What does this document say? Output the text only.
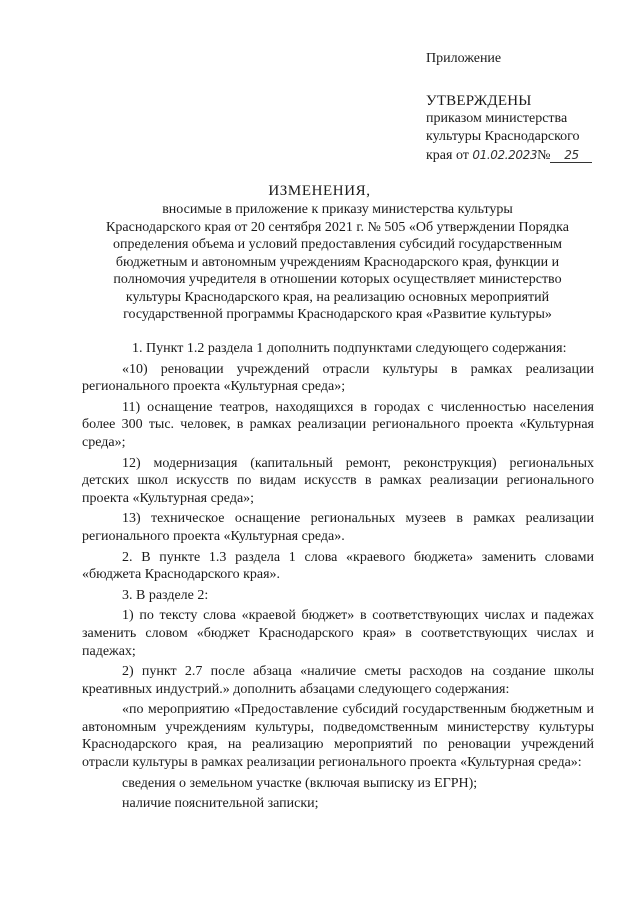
Приложение
УТВЕРЖДЕНЫ
приказом министерства
культуры Краснодарского
края от 01.02.2023№ 25
ИЗМЕНЕНИЯ,
вносимые в приложение к приказу министерства культуры
Краснодарского края от 20 сентября 2021 г. № 505 «Об утверждении Порядка
определения объема и условий предоставления субсидий государственным
бюджетным и автономным учреждениям Краснодарского края, функции и
полномочия учредителя в отношении которых осуществляет министерство
культуры Краснодарского края, на реализацию основных мероприятий
государственной программы Краснодарского края «Развитие культуры»

1. Пункт 1.2 раздела 1 дополнить подпунктами следующего содержания:

«10) реновации учреждений отрасли культуры в рамках реализации регионального проекта «Культурная среда»;

11) оснащение театров, находящихся в городах с численностью населения более 300 тыс. человек, в рамках реализации регионального проекта «Культурная среда»;

12) модернизация (капитальный ремонт, реконструкция) региональных детских школ искусств по видам искусств в рамках реализации регионального проекта «Культурная среда»;

13) техническое оснащение региональных музеев в рамках реализации регионального проекта «Культурная среда».

2. В пункте 1.3 раздела 1 слова «краевого бюджета» заменить словами «бюджета Краснодарского края».

3. В разделе 2:

1) по тексту слова «краевой бюджет» в соответствующих числах и падежах заменить словом «бюджет Краснодарского края» в соответствующих числах и падежах;

2) пункт 2.7 после абзаца «наличие сметы расходов на создание школы креативных индустрий.» дополнить абзацами следующего содержания:

«по мероприятию «Предоставление субсидий государственным бюджетным и автономным учреждениям культуры, подведомственным министерству культуры Краснодарского края, на реализацию мероприятий по реновации учреждений отрасли культуры в рамках реализации регионального проекта «Культурная среда»:

сведения о земельном участке (включая выписку из ЕГРН);

наличие пояснительной записки;
